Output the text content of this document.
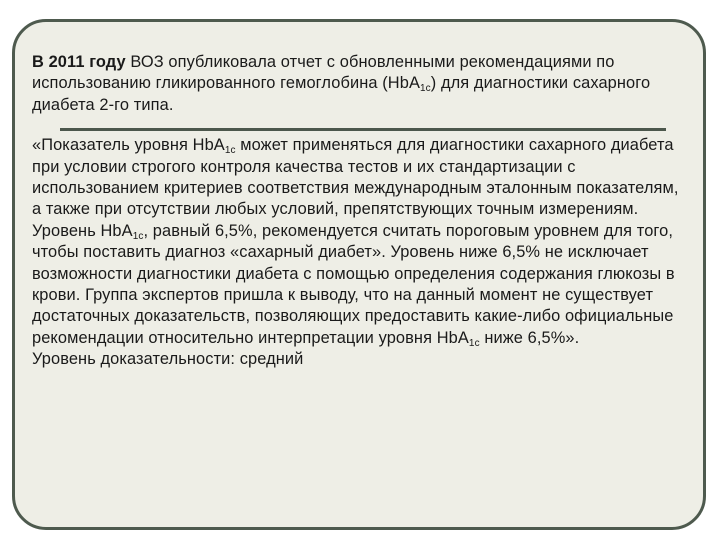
В 2011 году ВОЗ опубликовала отчет с обновленными рекомендациями по использованию гликированного гемоглобина (HbA$_{1c}$) для диагностики сахарного диабета 2-го типа.

«Показатель уровня HbA$_{1c}$ может применяться для диагностики сахарного диабета при условии строгого контроля качества тестов и их стандартизации с использованием критериев соответствия международным эталонным показателям, а также при отсутствии любых условий, препятствующих точным измерениям.

Уровень HbA$_{1c}$, равный 6,5%, рекомендуется считать пороговым уровнем для того, чтобы поставить диагноз «сахарный диабет». Уровень ниже 6,5% не исключает возможности диагностики диабета с помощью определения содержания глюкозы в крови. Группа экспертов пришла к выводу, что на данный момент не существует достаточных доказательств, позволяющих предоставить какие-либо официальные рекомендации относительно интерпретации уровня HbA$_{1c}$ ниже 6,5%».

Уровень доказательности: средний
